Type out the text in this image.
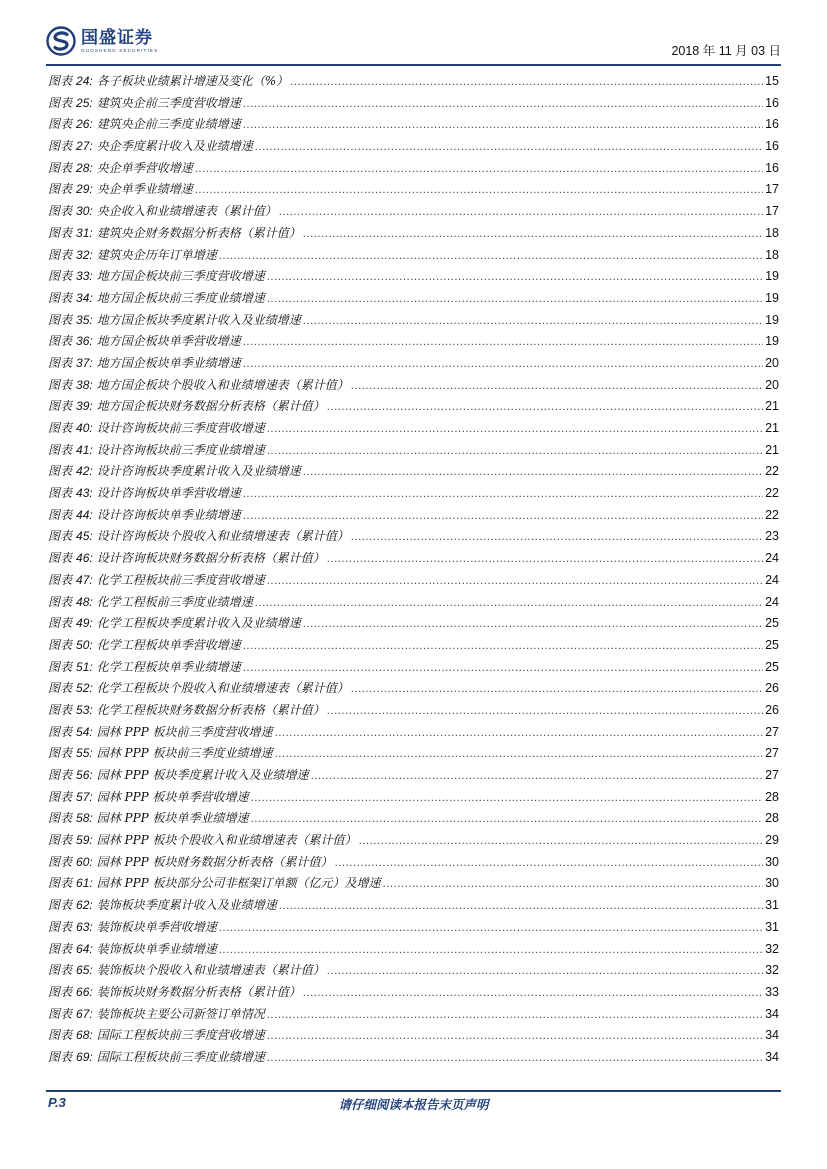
国盛证券
GUOSHENG SECURITIES	2018 年 11 月 03 日
图表 24: 各子板块业绩累计增速及变化（%） .....	15
图表 25: 建筑央企前三季度营收增速 .....	16
图表 26: 建筑央企前三季度业绩增速 .....	16
图表 27: 央企季度累计收入及业绩增速 .....	16
图表 28: 央企单季营收增速 .....	16
图表 29: 央企单季业绩增速 .....	17
图表 30: 央企收入和业绩增速表（累计值） .....	17
图表 31: 建筑央企财务数据分析表格（累计值） .....	18
图表 32: 建筑央企历年订单增速 .....	18
图表 33: 地方国企板块前三季度营收增速 .....	19
图表 34: 地方国企板块前三季度业绩增速 .....	19
图表 35: 地方国企板块季度累计收入及业绩增速 .....	19
图表 36: 地方国企板块单季营收增速 .....	19
图表 37: 地方国企板块单季业绩增速 .....	20
图表 38: 地方国企板块个股收入和业绩增速表（累计值） .....	20
图表 39: 地方国企板块财务数据分析表格（累计值） .....	21
图表 40: 设计咨询板块前三季度营收增速 .....	21
图表 41: 设计咨询板块前三季度业绩增速 .....	21
图表 42: 设计咨询板块季度累计收入及业绩增速 .....	22
图表 43: 设计咨询板块单季营收增速 .....	22
图表 44: 设计咨询板块单季业绩增速 .....	22
图表 45: 设计咨询板块个股收入和业绩增速表（累计值） .....	23
图表 46: 设计咨询板块财务数据分析表格（累计值） .....	24
图表 47: 化学工程板块前三季度营收增速 .....	24
图表 48: 化学工程板前三季度业绩增速 .....	24
图表 49: 化学工程板块季度累计收入及业绩增速 .....	25
图表 50: 化学工程板块单季营收增速 .....	25
图表 51: 化学工程板块单季业绩增速 .....	25
图表 52: 化学工程板块个股收入和业绩增速表（累计值） .....	26
图表 53: 化学工程板块财务数据分析表格（累计值） .....	26
图表 54: 园林 PPP 板块前三季度营收增速 .....	27
图表 55: 园林 PPP 板块前三季度业绩增速 .....	27
图表 56: 园林 PPP 板块季度累计收入及业绩增速 .....	27
图表 57: 园林 PPP 板块单季营收增速 .....	28
图表 58: 园林 PPP 板块单季业绩增速 .....	28
图表 59: 园林 PPP 板块个股收入和业绩增速表（累计值） .....	29
图表 60: 园林 PPP 板块财务数据分析表格（累计值） .....	30
图表 61: 园林 PPP 板块部分公司非框架订单额（亿元）及增速 .....	30
图表 62: 装饰板块季度累计收入及业绩增速 .....	31
图表 63: 装饰板块单季营收增速 .....	31
图表 64: 装饰板块单季业绩增速 .....	32
图表 65: 装饰板块个股收入和业绩增速表（累计值） .....	32
图表 66: 装饰板块财务数据分析表格（累计值） .....	33
图表 67: 装饰板块主要公司新签订单情况 .....	34
图表 68: 国际工程板块前三季度营收增速 .....	34
图表 69: 国际工程板块前三季度业绩增速 .....	34
P.3	请仔细阅读本报告末页声明
